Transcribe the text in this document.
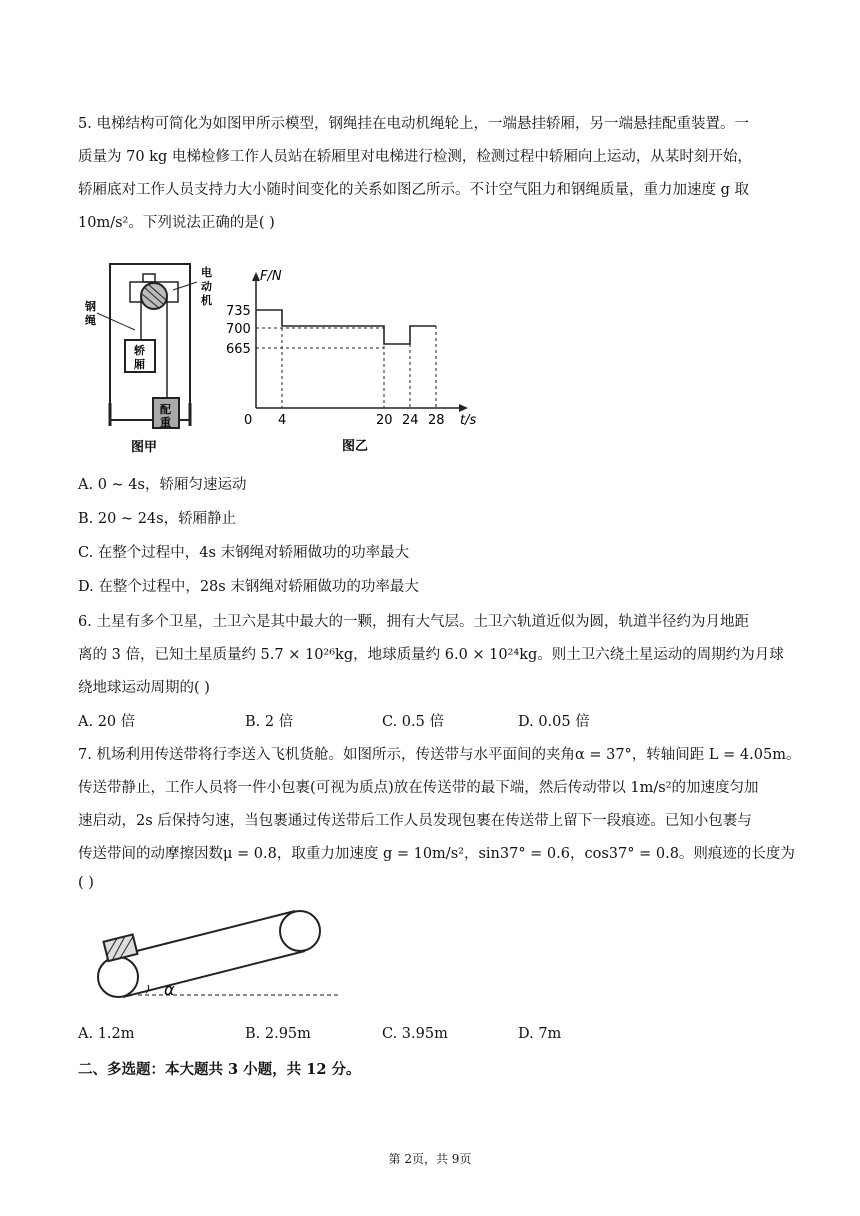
5. 电梯结构可简化为如图甲所示模型，钢绳挂在电动机绳轮上，一端悬挂轿厢，另一端悬挂配重装置。一
质量为 70 kg 电梯检修工作人员站在轿厢里对电梯进行检测，检测过程中轿厢向上运动，从某时刻开始，
轿厢底对工作人员支持力大小随时间变化的关系如图乙所示。不计空气阻力和钢绳质量，重力加速度 g 取
10m/s²。下列说法正确的是( )
电
动
机
钢
绳
轿
厢
配
重
图甲
F/N
t/s
0
735
700
665
4	20 24 28
图乙
A. 0 ~ 4s，轿厢匀速运动
B. 20 ~ 24s，轿厢静止
C. 在整个过程中，4s 末钢绳对轿厢做功的功率最大
D. 在整个过程中，28s 末钢绳对轿厢做功的功率最大
6. 土星有多个卫星，土卫六是其中最大的一颗，拥有大气层。土卫六轨道近似为圆，轨道半径约为月地距
离的 3 倍，已知土星质量约 5.7 × 10²⁶kg，地球质量约 6.0 × 10²⁴kg。则土卫六绕土星运动的周期约为月球
绕地球运动周期的( )
A. 20 倍	B. 2 倍	C. 0.5 倍	D. 0.05 倍
7. 机场利用传送带将行李送入飞机货舱。如图所示，传送带与水平面间的夹角α = 37°，转轴间距 L = 4.05m。
传送带静止，工作人员将一件小包裹(可视为质点)放在传送带的最下端，然后传动带以 1m/s²的加速度匀加
速启动，2s 后保持匀速，当包裹通过传送带后工作人员发现包裹在传送带上留下一段痕迹。已知小包裹与
传送带间的动摩擦因数μ = 0.8，取重力加速度 g = 10m/s²，sin37° = 0.6，cos37° = 0.8。则痕迹的长度为
( )
α
A. 1.2m	B. 2.95m	C. 3.95m	D. 7m
二、多选题：本大题共 3 小题，共 12 分。
第 2页，共 9页
